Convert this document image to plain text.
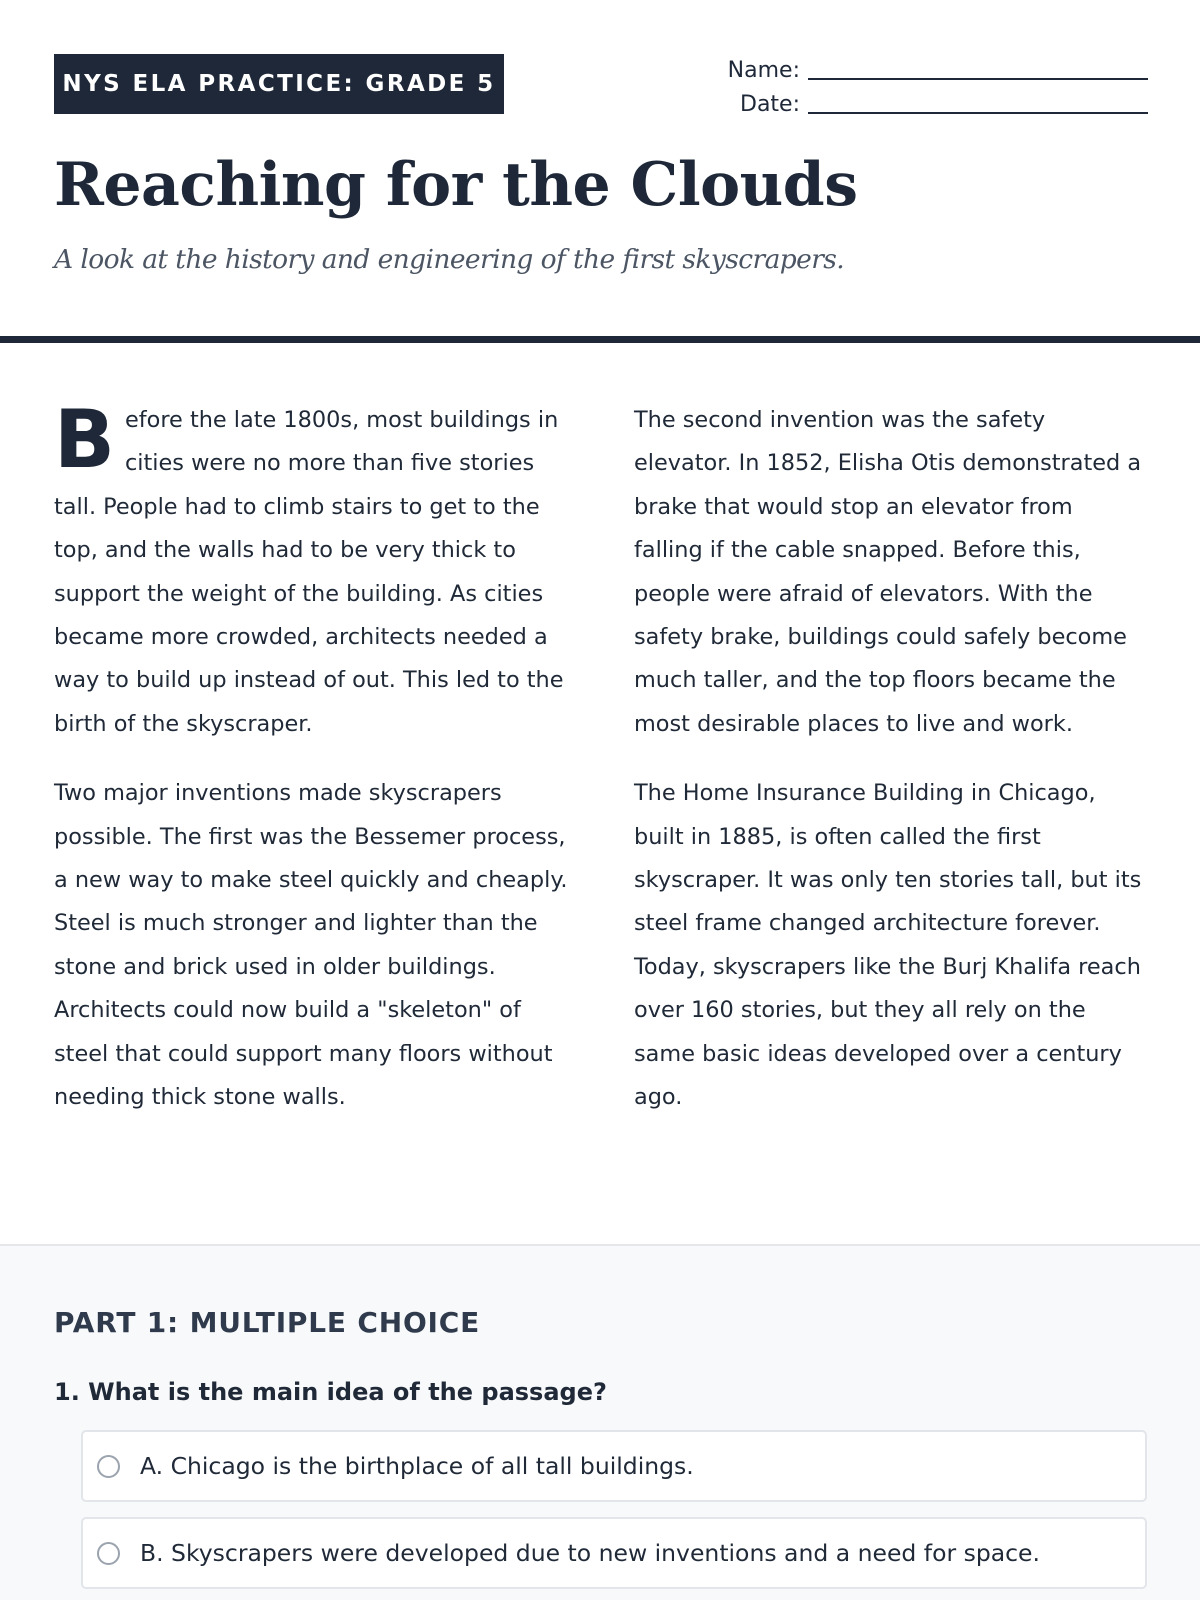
NYS ELA PRACTICE: GRADE 5
Name:
Date:
Reaching for the Clouds

A look at the history and engineering of the first skyscrapers.

Before the late 1800s, most buildings in cities were no more than five stories tall. People had to climb stairs to get to the top, and the walls had to be very thick to support the weight of the building. As cities became more crowded, architects needed a way to build up instead of out. This led to the birth of the skyscraper.

Two major inventions made skyscrapers possible. The first was the Bessemer process, a new way to make steel quickly and cheaply. Steel is much stronger and lighter than the stone and brick used in older buildings. Architects could now build a "skeleton" of steel that could support many floors without needing thick stone walls.

The second invention was the safety elevator. In 1852, Elisha Otis demonstrated a brake that would stop an elevator from falling if the cable snapped. Before this, people were afraid of elevators. With the safety brake, buildings could safely become much taller, and the top floors became the most desirable places to live and work.

The Home Insurance Building in Chicago, built in 1885, is often called the first skyscraper. It was only ten stories tall, but its steel frame changed architecture forever. Today, skyscrapers like the Burj Khalifa reach over 160 stories, but they all rely on the same basic ideas developed over a century ago.

PART 1: MULTIPLE CHOICE

1. What is the main idea of the passage?

A. Chicago is the birthplace of all tall buildings.
B. Skyscrapers were developed due to new inventions and a need for space.
